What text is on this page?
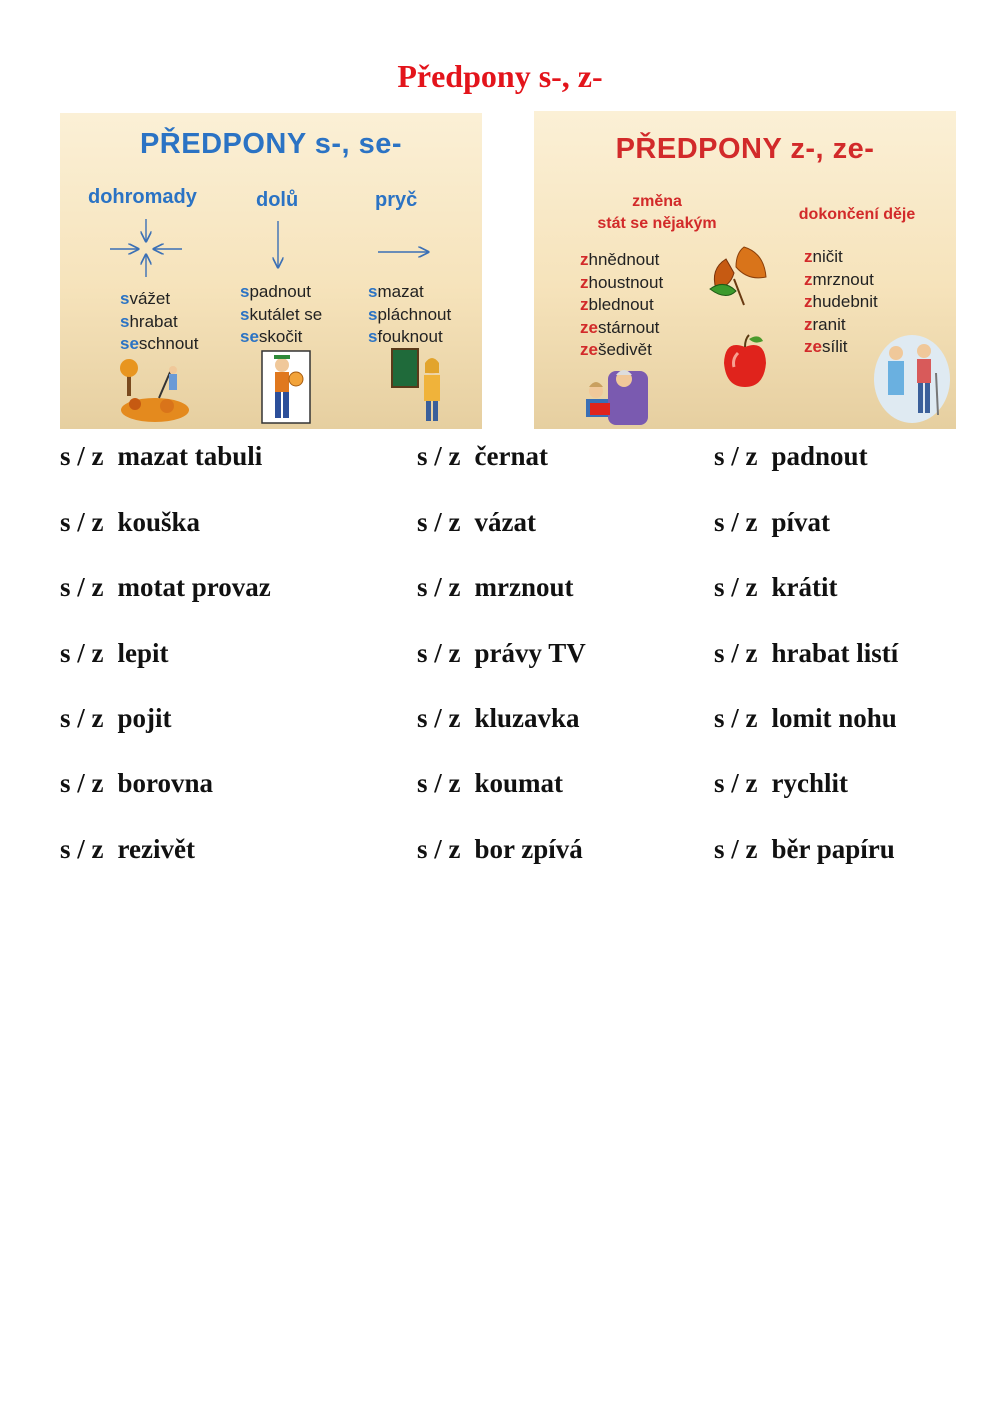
Předpony s-, z-
PŘEDPONY s-, se-
dohromady	dolů	pryč
svážet
shrabat
seschnout
spadnout
skutálet se
seskočit
smazat
spláchnout
sfouknout
PŘEDPONY z-, ze-
změna
stát se nějakým
dokončení děje
zhnědnout
zhoustnout
zblednout
zestárnout
zešedivět
zničit
zmrznout
zhudebnit
zranit
zesílit
s / z mazat tabuli	s / z černat	s / z padnout
s / z kouška	s / z vázat	s / z pívat
s / z motat provaz	s / z mrznout	s / z krátit
s / z lepit	s / z právy TV	s / z hrabat listí
s / z pojit	s / z kluzavka	s / z lomit nohu
s / z borovna	s / z koumat	s / z rychlit
s / z rezivět	s / z bor zpívá	s / z běr papíru
